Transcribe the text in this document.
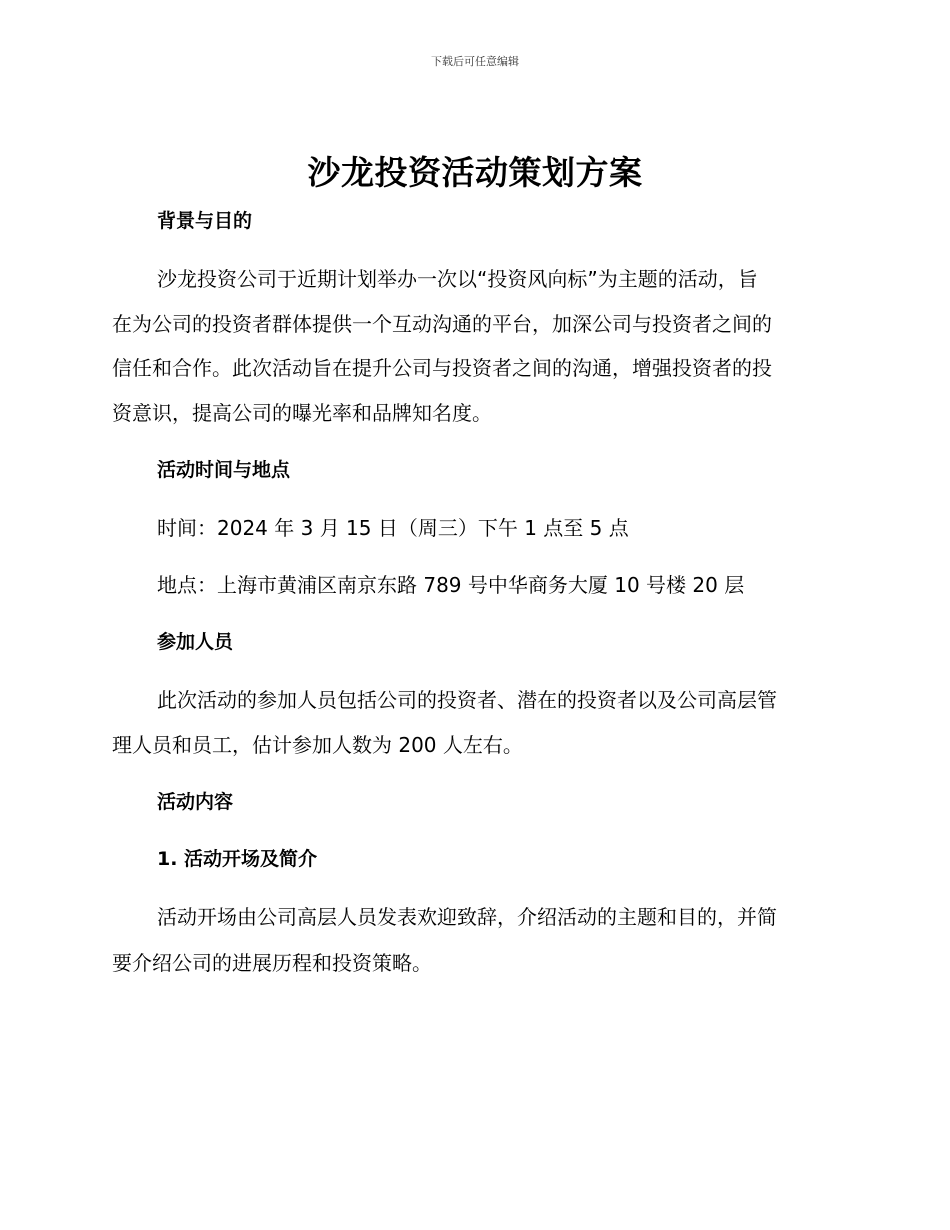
下载后可任意编辑
沙龙投资活动策划方案
背景与目的
沙龙投资公司于近期计划举办一次以“投资风向标”为主题的活动，旨
在为公司的投资者群体提供一个互动沟通的平台，加深公司与投资者之间的
信任和合作。此次活动旨在提升公司与投资者之间的沟通，增强投资者的投
资意识，提高公司的曝光率和品牌知名度。
活动时间与地点
时间：2024 年 3 月 15 日（周三）下午 1 点至 5 点
地点：上海市黄浦区南京东路 789 号中华商务大厦 10 号楼 20 层
参加人员
此次活动的参加人员包括公司的投资者、潜在的投资者以及公司高层管
理人员和员工，估计参加人数为 200 人左右。
活动内容
1. 活动开场及简介
活动开场由公司高层人员发表欢迎致辞，介绍活动的主题和目的，并简
要介绍公司的进展历程和投资策略。
